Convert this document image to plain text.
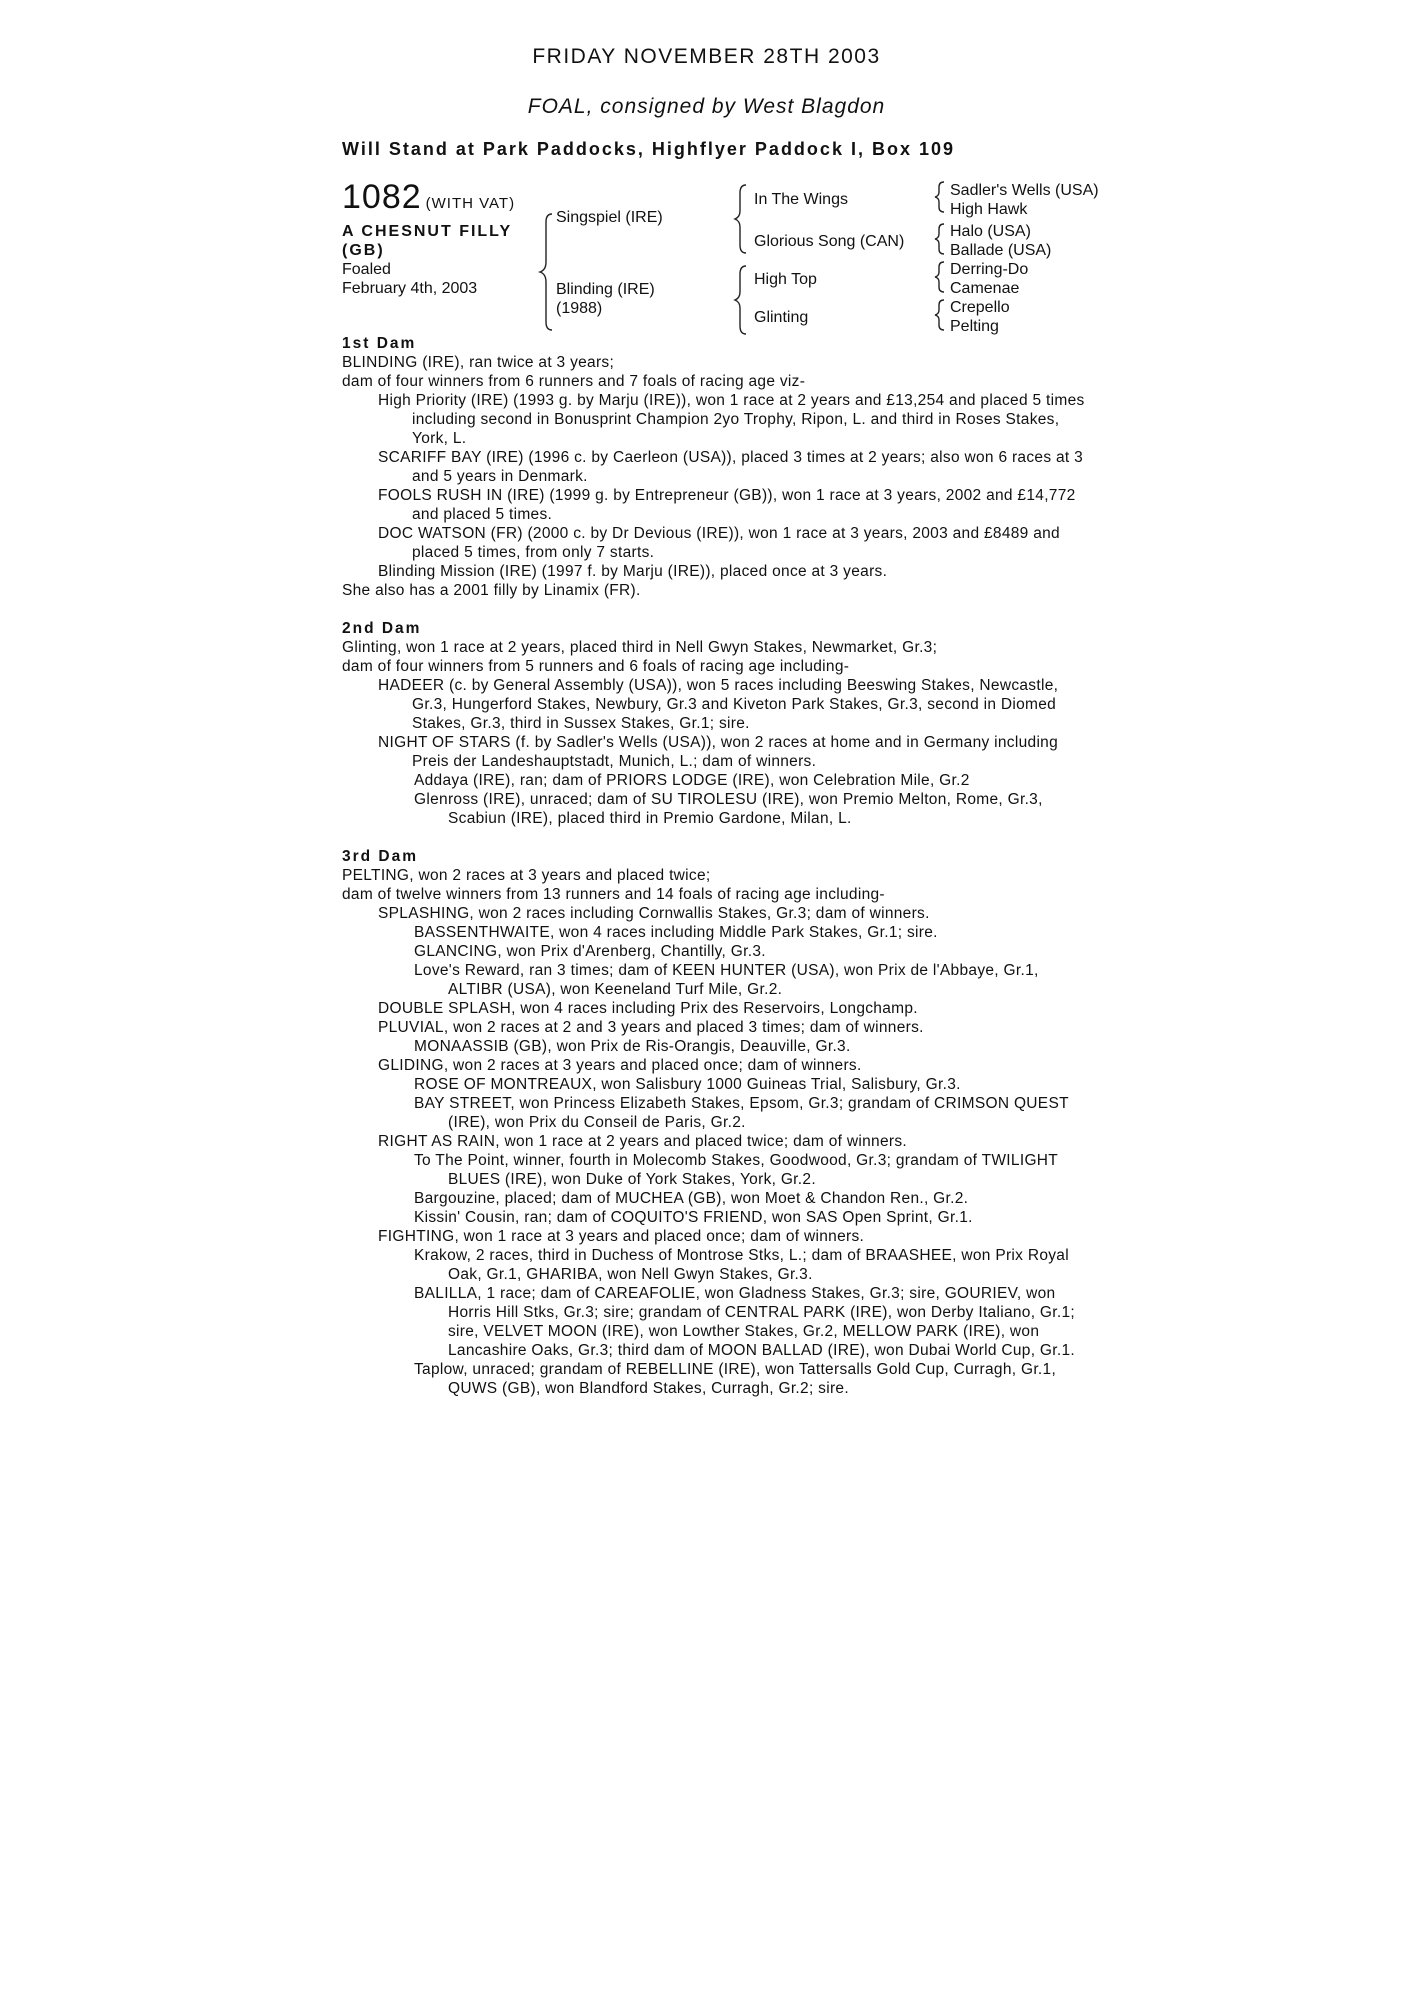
FRIDAY NOVEMBER 28TH 2003
FOAL, consigned by West Blagdon
Will Stand at Park Paddocks, Highflyer Paddock I, Box 109
1082 (WITH VAT)
A CHESNUT FILLY (GB)
Foaled
February 4th, 2003
Singspiel (IRE)
Blinding (IRE) (1988)
In The Wings
Glorious Song (CAN)
High Top
Glinting
Sadler's Wells (USA)
High Hawk
Halo (USA)
Ballade (USA)
Derring-Do
Camenae
Crepello
Pelting

1st Dam

BLINDING (IRE), ran twice at 3 years;

dam of four winners from 6 runners and 7 foals of racing age viz-

High Priority (IRE) (1993 g. by Marju (IRE)), won 1 race at 2 years and £13,254 and placed 5 times including second in Bonusprint Champion 2yo Trophy, Ripon, L. and third in Roses Stakes, York, L.

SCARIFF BAY (IRE) (1996 c. by Caerleon (USA)), placed 3 times at 2 years; also won 6 races at 3 and 5 years in Denmark.

FOOLS RUSH IN (IRE) (1999 g. by Entrepreneur (GB)), won 1 race at 3 years, 2002 and £14,772 and placed 5 times.

DOC WATSON (FR) (2000 c. by Dr Devious (IRE)), won 1 race at 3 years, 2003 and £8489 and placed 5 times, from only 7 starts.

Blinding Mission (IRE) (1997 f. by Marju (IRE)), placed once at 3 years.

She also has a 2001 filly by Linamix (FR).

2nd Dam

Glinting, won 1 race at 2 years, placed third in Nell Gwyn Stakes, Newmarket, Gr.3;

dam of four winners from 5 runners and 6 foals of racing age including-

HADEER (c. by General Assembly (USA)), won 5 races including Beeswing Stakes, Newcastle, Gr.3, Hungerford Stakes, Newbury, Gr.3 and Kiveton Park Stakes, Gr.3, second in Diomed Stakes, Gr.3, third in Sussex Stakes, Gr.1; sire.

NIGHT OF STARS (f. by Sadler's Wells (USA)), won 2 races at home and in Germany including Preis der Landeshauptstadt, Munich, L.; dam of winners.

Addaya (IRE), ran; dam of PRIORS LODGE (IRE), won Celebration Mile, Gr.2

Glenross (IRE), unraced; dam of SU TIROLESU (IRE), won Premio Melton, Rome, Gr.3, Scabiun (IRE), placed third in Premio Gardone, Milan, L.

3rd Dam

PELTING, won 2 races at 3 years and placed twice;

dam of twelve winners from 13 runners and 14 foals of racing age including-

SPLASHING, won 2 races including Cornwallis Stakes, Gr.3; dam of winners.

BASSENTHWAITE, won 4 races including Middle Park Stakes, Gr.1; sire.

GLANCING, won Prix d'Arenberg, Chantilly, Gr.3.

Love's Reward, ran 3 times; dam of KEEN HUNTER (USA), won Prix de l'Abbaye, Gr.1, ALTIBR (USA), won Keeneland Turf Mile, Gr.2.

DOUBLE SPLASH, won 4 races including Prix des Reservoirs, Longchamp.

PLUVIAL, won 2 races at 2 and 3 years and placed 3 times; dam of winners.

MONAASSIB (GB), won Prix de Ris-Orangis, Deauville, Gr.3.

GLIDING, won 2 races at 3 years and placed once; dam of winners.

ROSE OF MONTREAUX, won Salisbury 1000 Guineas Trial, Salisbury, Gr.3.

BAY STREET, won Princess Elizabeth Stakes, Epsom, Gr.3; grandam of CRIMSON QUEST (IRE), won Prix du Conseil de Paris, Gr.2.

RIGHT AS RAIN, won 1 race at 2 years and placed twice; dam of winners.

To The Point, winner, fourth in Molecomb Stakes, Goodwood, Gr.3; grandam of TWILIGHT BLUES (IRE), won Duke of York Stakes, York, Gr.2.

Bargouzine, placed; dam of MUCHEA (GB), won Moet & Chandon Ren., Gr.2.

Kissin' Cousin, ran; dam of COQUITO'S FRIEND, won SAS Open Sprint, Gr.1.

FIGHTING, won 1 race at 3 years and placed once; dam of winners.

Krakow, 2 races, third in Duchess of Montrose Stks, L.; dam of BRAASHEE, won Prix Royal Oak, Gr.1, GHARIBA, won Nell Gwyn Stakes, Gr.3.

BALILLA, 1 race; dam of CAREAFOLIE, won Gladness Stakes, Gr.3; sire, GOURIEV, won Horris Hill Stks, Gr.3; sire; grandam of CENTRAL PARK (IRE), won Derby Italiano, Gr.1; sire, VELVET MOON (IRE), won Lowther Stakes, Gr.2, MELLOW PARK (IRE), won Lancashire Oaks, Gr.3; third dam of MOON BALLAD (IRE), won Dubai World Cup, Gr.1.

Taplow, unraced; grandam of REBELLINE (IRE), won Tattersalls Gold Cup, Curragh, Gr.1, QUWS (GB), won Blandford Stakes, Curragh, Gr.2; sire.
